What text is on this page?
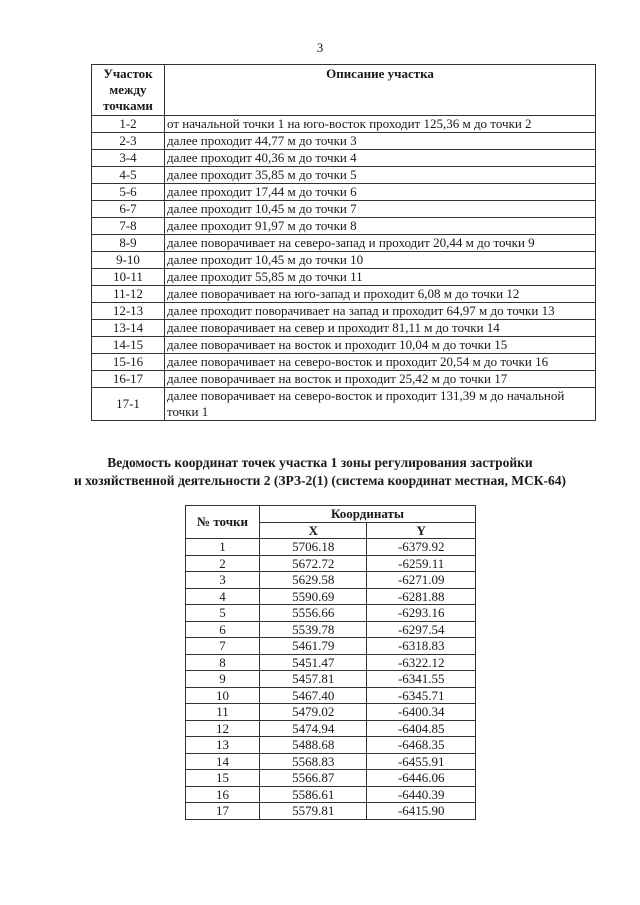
3
Участок между точками	Описание участка
1-2	от начальной точки 1 на юго-восток проходит 125,36 м до точки 2
2-3	далее проходит 44,77 м до точки 3
3-4	далее проходит 40,36 м до точки 4
4-5	далее проходит 35,85 м до точки 5
5-6	далее проходит 17,44 м до точки 6
6-7	далее проходит 10,45 м до точки 7
7-8	далее проходит 91,97 м до точки 8
8-9	далее поворачивает на северо-запад и проходит 20,44 м до точки 9
9-10	далее проходит 10,45 м до точки 10
10-11	далее проходит 55,85 м до точки 11
11-12	далее поворачивает на юго-запад и проходит 6,08 м до точки 12
12-13	далее проходит поворачивает на запад и проходит 64,97 м до точки 13
13-14	далее поворачивает на север и проходит 81,11 м до точки 14
14-15	далее поворачивает на восток и проходит 10,04 м до точки 15
15-16	далее поворачивает на северо-восток и проходит 20,54 м до точки 16
16-17	далее поворачивает на восток и проходит 25,42 м до точки 17
17-1	далее поворачивает на северо-восток и проходит 131,39 м до начальной точки 1
Ведомость координат точек участка 1 зоны регулирования застройки
и хозяйственной деятельности 2 (ЗРЗ-2(1) (система координат местная, МСК-64)
№ точки	Координаты	
	X	Y
1	5706.18	-6379.92
2	5672.72	-6259.11
3	5629.58	-6271.09
4	5590.69	-6281.88
5	5556.66	-6293.16
6	5539.78	-6297.54
7	5461.79	-6318.83
8	5451.47	-6322.12
9	5457.81	-6341.55
10	5467.40	-6345.71
11	5479.02	-6400.34
12	5474.94	-6404.85
13	5488.68	-6468.35
14	5568.83	-6455.91
15	5566.87	-6446.06
16	5586.61	-6440.39
17	5579.81	-6415.90
